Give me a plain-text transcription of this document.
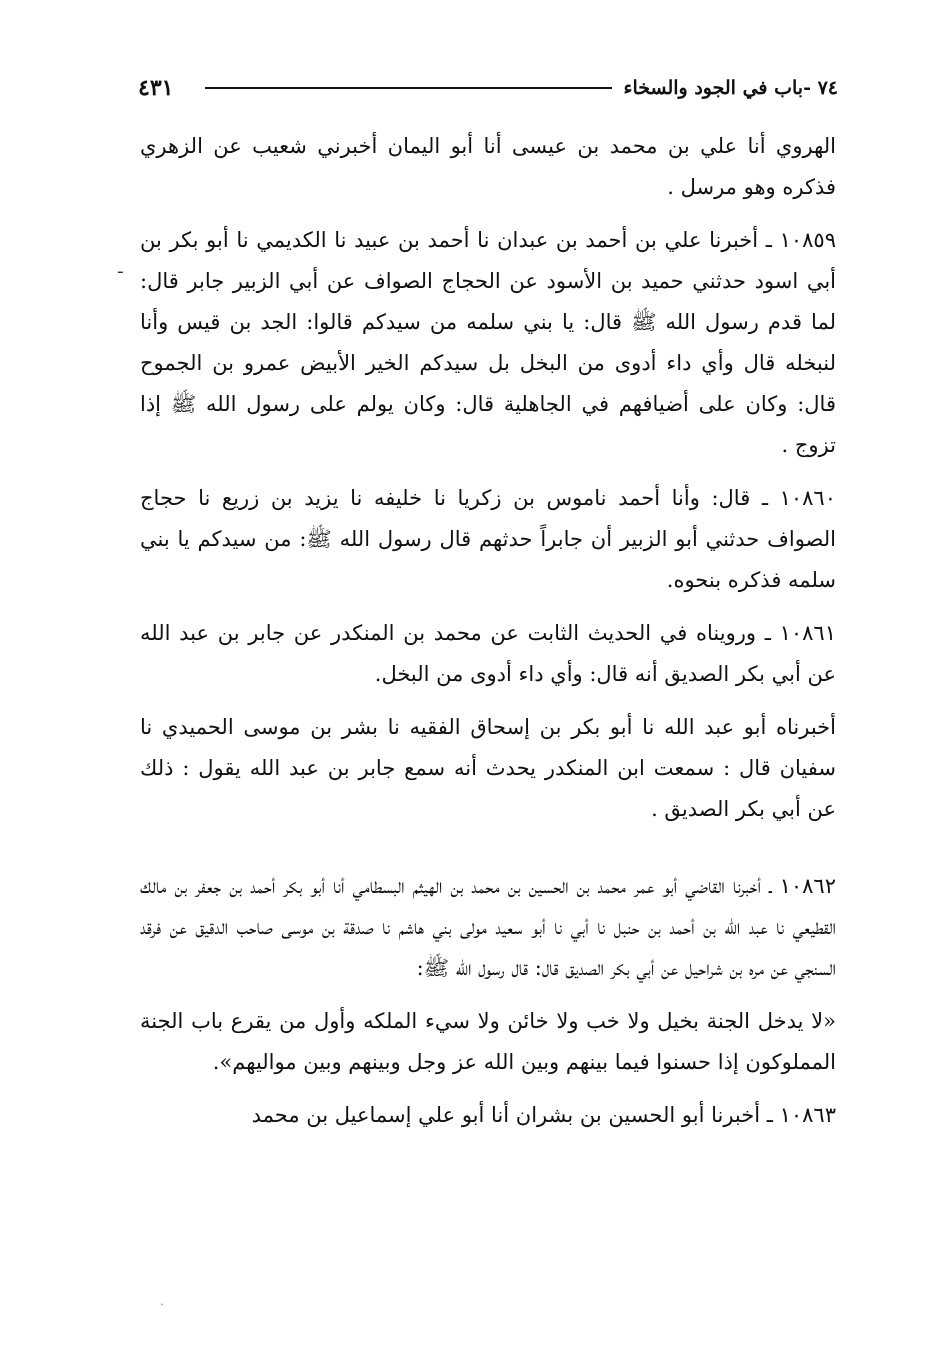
٤٣١	٧٤ -باب في الجود والسخاء

الهروي أنا علي بن محمد بن عيسى أنا أبو اليمان أخبرني شعيب عن الزهري فذكره وهو مرسل .

١٠٨٥٩ ـ أخبرنا علي بن أحمد بن عبدان نا أحمد بن عبيد نا الكديمي نا أبو بكر بن أبي اسود حدثني حميد بن الأسود عن الحجاج الصواف عن أبي الزبير جابر قال: لما قدم رسول الله ﷺ قال: يا بني سلمه من سيدكم قالوا: الجد بن قيس وأنا لنبخله قال وأي داء أدوى من البخل بل سيدكم الخير الأبيض عمرو بن الجموح قال: وكان على أضيافهم في الجاهلية قال: وكان يولم على رسول الله ﷺ إذا تزوج .

١٠٨٦٠ ـ قال: وأنا أحمد ناموس بن زكريا نا خليفه نا يزيد بن زريع نا حجاج الصواف حدثني أبو الزبير أن جابراً حدثهم قال رسول الله ﷺ: من سيدكم يا بني سلمه فذكره بنحوه.

١٠٨٦١ ـ ورويناه في الحديث الثابت عن محمد بن المنكدر عن جابر بن عبد الله عن أبي بكر الصديق أنه قال: وأي داء أدوى من البخل.

أخبرناه أبو عبد الله نا أبو بكر بن إسحاق الفقيه نا بشر بن موسى الحميدي نا سفيان قال : سمعت ابن المنكدر يحدث أنه سمع جابر بن عبد الله يقول : ذلك عن أبي بكر الصديق .

١٠٨٦٢ ـ أخبرنا القاضي أبو عمر محمد بن الحسين بن محمد بن الهيثم البسطامي أنا أبو بكر أحمد بن جعفر بن مالك القطيعي نا عبد الله بن أحمد بن حنبل نا أبي نا أبو سعيد مولى بني هاشم نا صدقة بن موسى صاحب الدقيق عن فرقد السنجي عن مره بن شراحيل عن أبي بكر الصديق قال: قال رسول الله ﷺ:

«لا يدخل الجنة بخيل ولا خب ولا خائن ولا سيء الملكه وأول من يقرع باب الجنة المملوكون إذا حسنوا فيما بينهم وبين الله عز وجل وبينهم وبين مواليهم».

١٠٨٦٣ ـ أخبرنا أبو الحسين بن بشران أنا أبو علي إسماعيل بن محمد

ـ
ˎ
